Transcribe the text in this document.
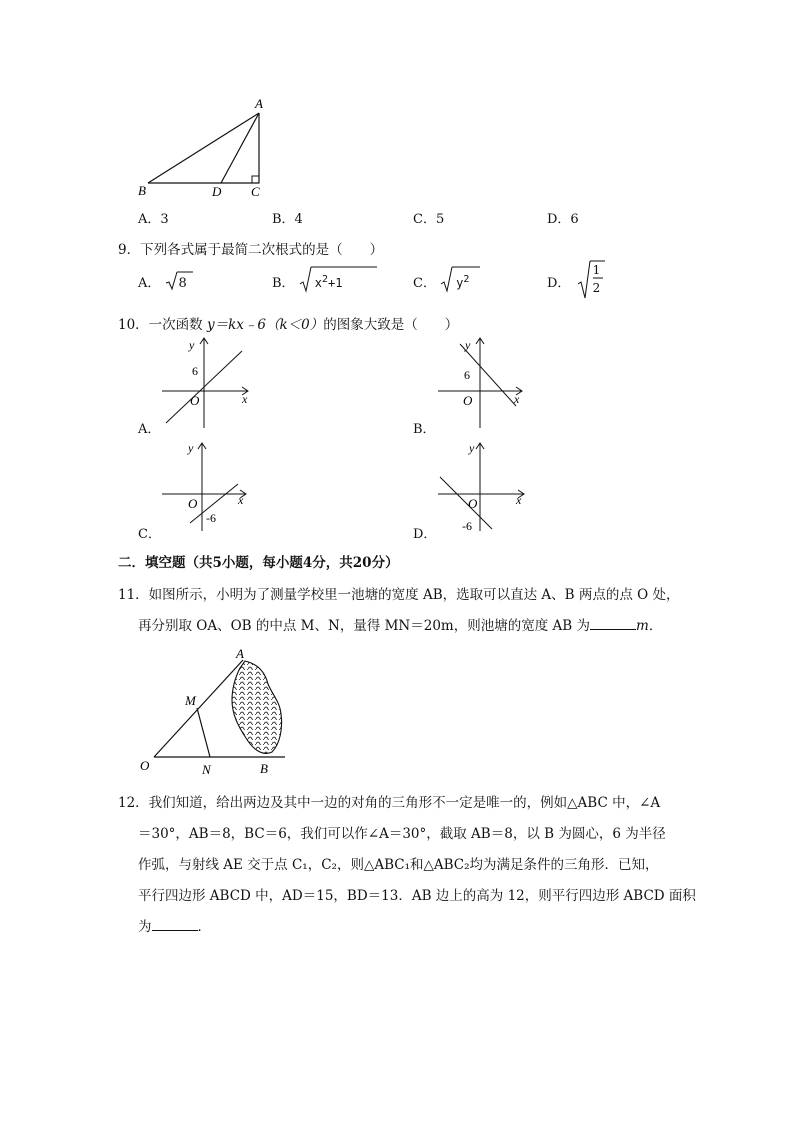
A
B	D C
A．3	B．4	C．5	D．6
9．下列各式属于最简二次根式的是（　　）
A． 8	B． $x^2+1$	C． $y^2$	D．
1
2
10．一次函数 y＝kx﹣6（k＜0）的图象大致是（　　）
y
x
O
6
A．
y
x
O
6
B．
y
x
O
-6
C．
y
x
O
-6
D．
二．填空题（共5小题，每小题4分，共20分）
11．如图所示，小明为了测量学校里一池塘的宽度 AB，选取可以直达 A、B 两点的点 O 处，
再分别取 OA、OB 的中点 M、N，量得 MN＝20m，则池塘的宽度 AB 为	m．
A
M
O	N	B
12．我们知道，给出两边及其中一边的对角的三角形不一定是唯一的，例如△ABC 中，∠A
＝30°，AB＝8，BC＝6，我们可以作∠A＝30°，截取 AB＝8，以 B 为圆心，6 为半径
作弧，与射线 AE 交于点 C₁，C₂，则△ABC₁和△ABC₂均为满足条件的三角形．已知，
平行四边形 ABCD 中，AD＝15，BD＝13．AB 边上的高为 12，则平行四边形 ABCD 面积
为	．
